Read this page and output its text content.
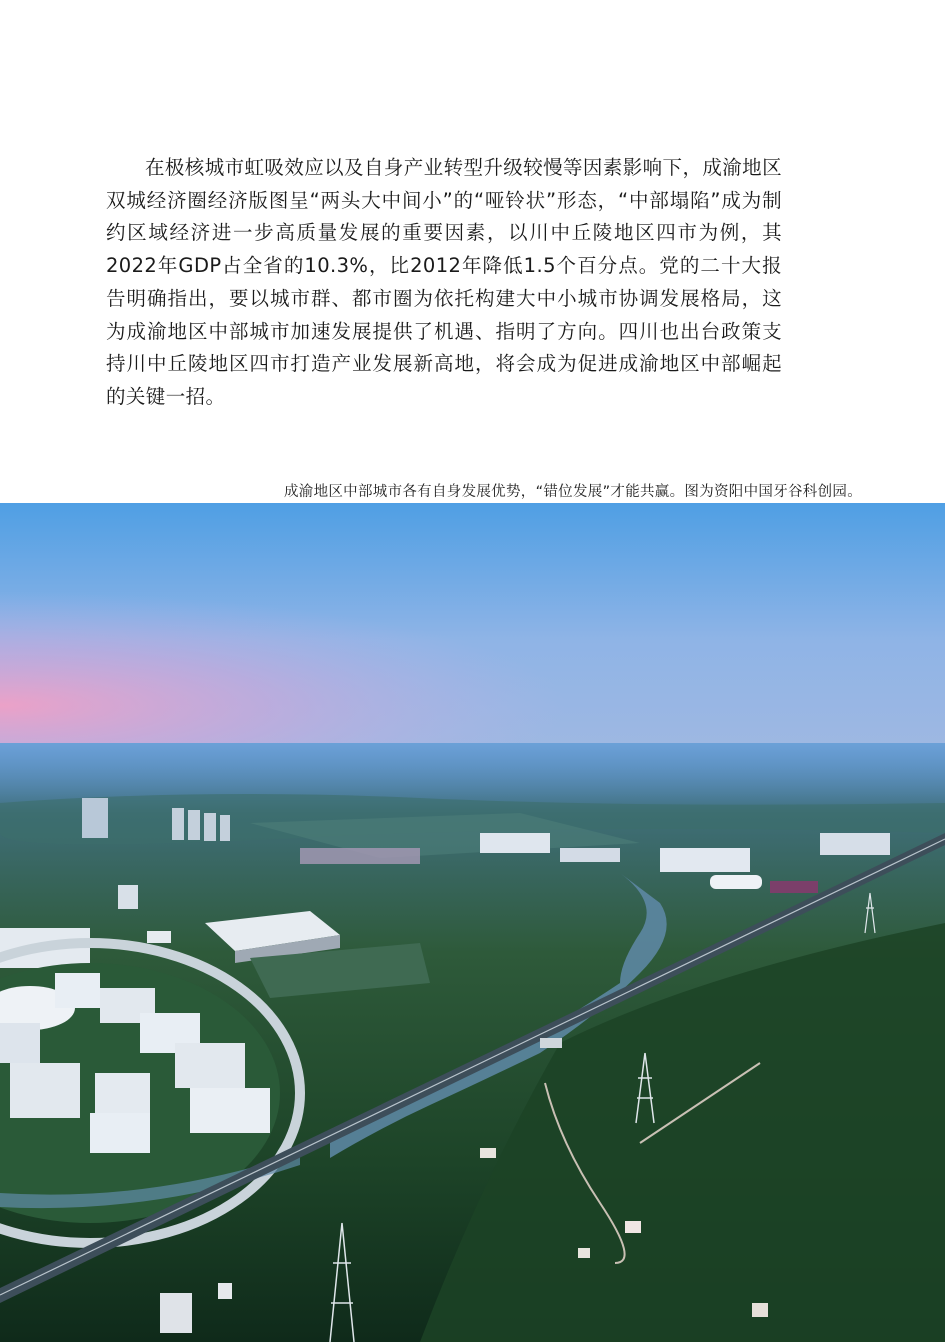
在极核城市虹吸效应以及自身产业转型升级较慢等因素影响下，成渝地区双城经济圈经济版图呈“两头大中间小”的“哑铃状”形态，“中部塌陷”成为制约区域经济进一步高质量发展的重要因素，以川中丘陵地区四市为例，其2022年GDP占全省的10.3%，比2012年降低1.5个百分点。党的二十大报告明确指出，要以城市群、都市圈为依托构建大中小城市协调发展格局，这为成渝地区中部城市加速发展提供了机遇、指明了方向。四川也出台政策支持川中丘陵地区四市打造产业发展新高地，将会成为促进成渝地区中部崛起的关键一招。

成渝地区中部城市各有自身发展优势，“错位发展”才能共赢。图为资阳中国牙谷科创园。
